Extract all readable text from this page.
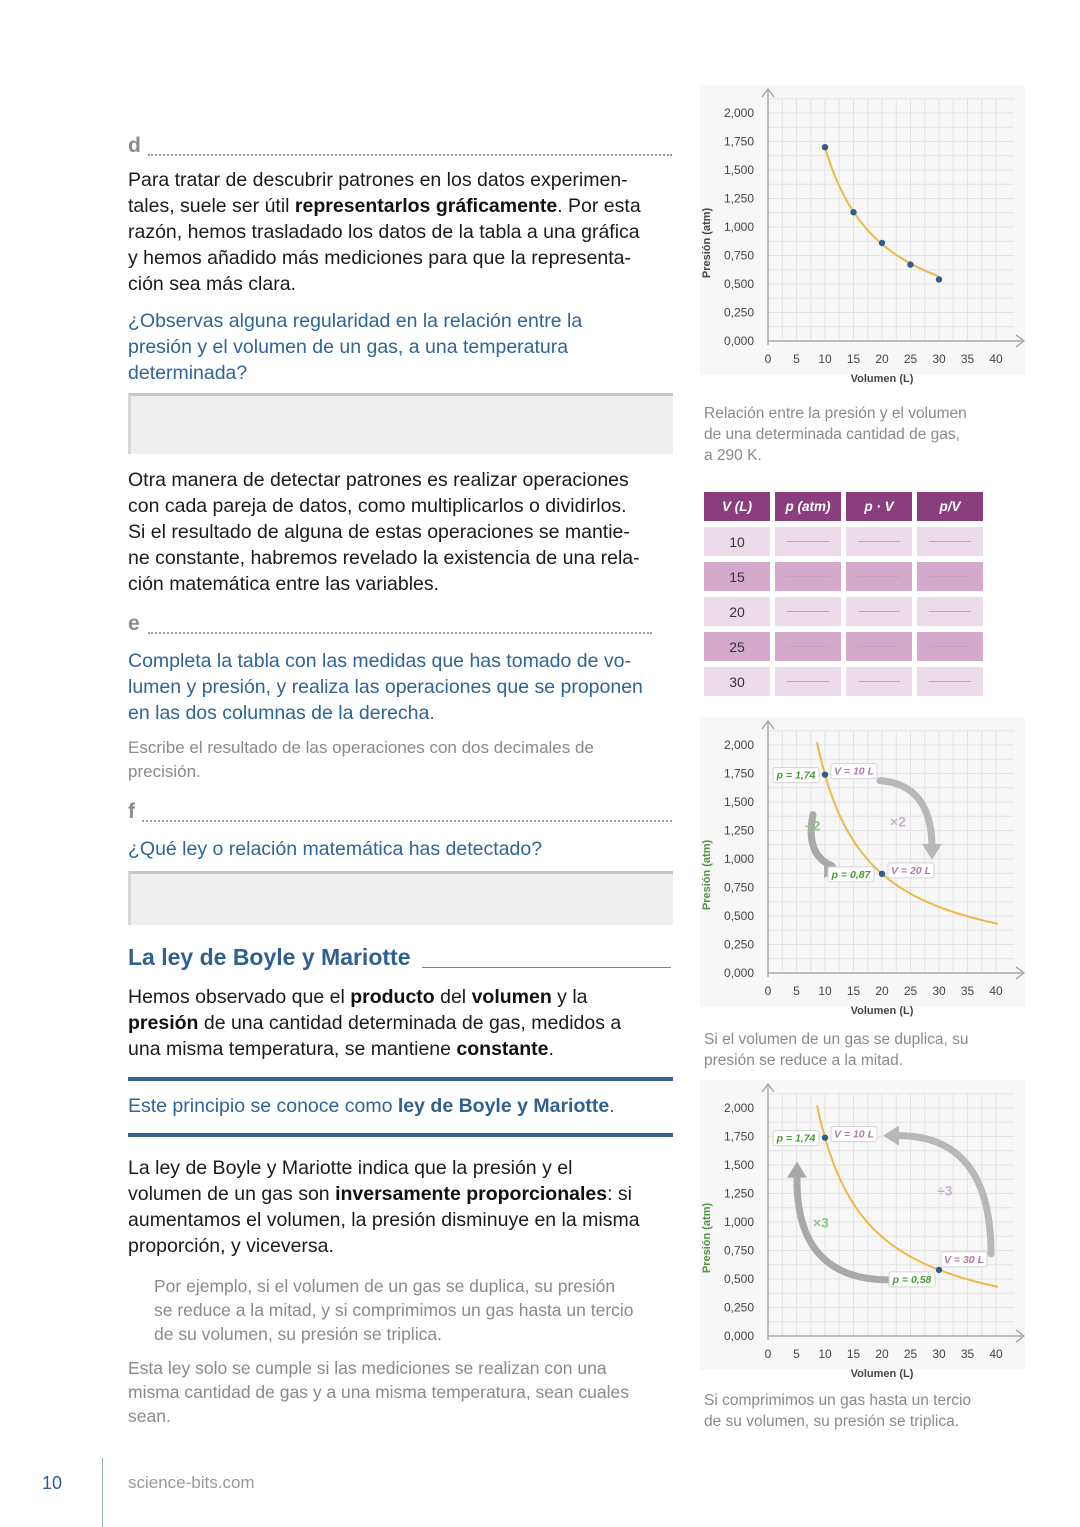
d
Para tratar de descubrir patrones en los datos experimen-
tales, suele ser útil representarlos gráficamente. Por esta
razón, hemos trasladado los datos de la tabla a una gráfica
y hemos añadido más mediciones para que la representa-
ción sea más clara.
¿Observas alguna regularidad en la relación entre la
presión y el volumen de un gas, a una temperatura
determinada?
Otra manera de detectar patrones es realizar operaciones
con cada pareja de datos, como multiplicarlos o dividirlos.
Si el resultado de alguna de estas operaciones se mantie-
ne constante, habremos revelado la existencia de una rela-
ción matemática entre las variables.
e
Completa la tabla con las medidas que has tomado de vo-
lumen y presión, y realiza las operaciones que se proponen
en las dos columnas de la derecha.
Escribe el resultado de las operaciones con dos decimales de
precisión.
f
¿Qué ley o relación matemática has detectado?
La ley de Boyle y Mariotte
Hemos observado que el producto del volumen y la
presión de una cantidad determinada de gas, medidos a
una misma temperatura, se mantiene constante.
Este principio se conoce como ley de Boyle y Mariotte.
La ley de Boyle y Mariotte indica que la presión y el
volumen de un gas son inversamente proporcionales: si
aumentamos el volumen, la presión disminuye en la misma
proporción, y viceversa.
Por ejemplo, si el volumen de un gas se duplica, su presión
se reduce a la mitad, y si comprimimos un gas hasta un tercio
de su volumen, su presión se triplica.
Esta ley solo se cumple si las mediciones se realizan con una
misma cantidad de gas y a una misma temperatura, sean cuales
sean.
10	science-bits.com
0,000
0,250
0,500
0,750
1,000
1,250
1,500
1,750
2,000
0 5 10 15 20 25 30 35 40
Volumen (L)
Presión (atm)
Relación entre la presión y el volumen
de una determinada cantidad de gas,
a 290 K.
V (L)	p (atm)	p · V	p/V
10
15
20
25
30
0,000
0,250
0,500
0,750
1,000
1,250
1,500
1,750
2,000
0 5 10 15 20 25 30 35 40
Volumen (L)
Presión (atm)
÷2	×2
p = 1,74 V = 10 L
p = 0,87 V = 20 L
Si el volumen de un gas se duplica, su
presión se reduce a la mitad.
0,000
0,250
0,500
0,750
1,000
1,250
1,500
1,750
2,000
0 5 10 15 20 25 30 35 40
Volumen (L)
Presión (atm)	×3
÷3
p = 1,74 V = 10 L
p = 0,58
V = 30 L
Si comprimimos un gas hasta un tercio
de su volumen, su presión se triplica.
